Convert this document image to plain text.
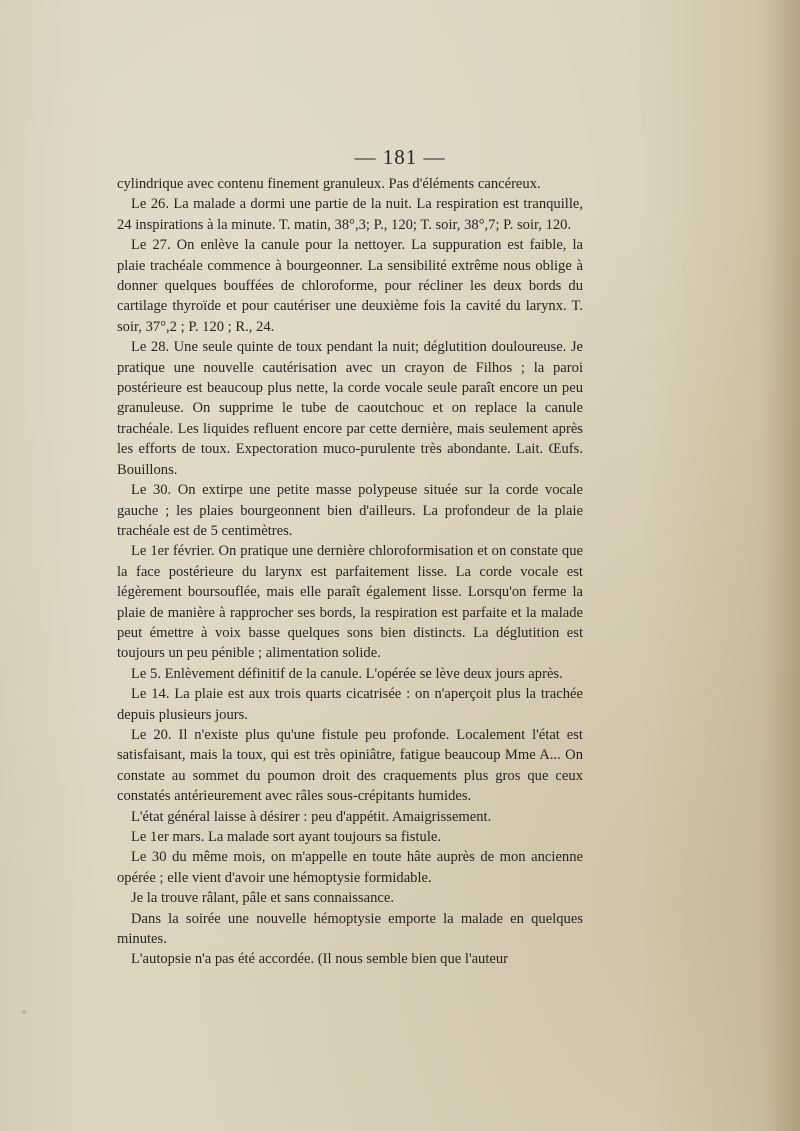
— 181 —

cylindrique avec contenu finement granuleux. Pas d'éléments cancéreux.

Le 26. La malade a dormi une partie de la nuit. La respiration est tranquille, 24 inspirations à la minute. T. matin, 38°,3; P., 120; T. soir, 38°,7; P. soir, 120.

Le 27. On enlève la canule pour la nettoyer. La suppuration est faible, la plaie trachéale commence à bourgeonner. La sensibilité extrême nous oblige à donner quelques bouffées de chloroforme, pour récliner les deux bords du cartilage thyroïde et pour cautériser une deuxième fois la cavité du larynx. T. soir, 37°,2 ; P. 120 ; R., 24.

Le 28. Une seule quinte de toux pendant la nuit; déglutition douloureuse. Je pratique une nouvelle cautérisation avec un crayon de Filhos ; la paroi postérieure est beaucoup plus nette, la corde vocale seule paraît encore un peu granuleuse. On supprime le tube de caoutchouc et on replace la canule trachéale. Les liquides refluent encore par cette dernière, mais seulement après les efforts de toux. Expectoration muco-purulente très abondante. Lait. Œufs. Bouillons.

Le 30. On extirpe une petite masse polypeuse située sur la corde vocale gauche ; les plaies bourgeonnent bien d'ailleurs. La profondeur de la plaie trachéale est de 5 centimètres.

Le 1er février. On pratique une dernière chloroformisation et on constate que la face postérieure du larynx est parfaitement lisse. La corde vocale est légèrement boursouflée, mais elle paraît également lisse. Lorsqu'on ferme la plaie de manière à rapprocher ses bords, la respiration est parfaite et la malade peut émettre à voix basse quelques sons bien distincts. La déglutition est toujours un peu pénible ; alimentation solide.

Le 5. Enlèvement définitif de la canule. L'opérée se lève deux jours après.

Le 14. La plaie est aux trois quarts cicatrisée : on n'aperçoit plus la trachée depuis plusieurs jours.

Le 20. Il n'existe plus qu'une fistule peu profonde. Localement l'état est satisfaisant, mais la toux, qui est très opiniâtre, fatigue beaucoup Mme A... On constate au sommet du poumon droit des craquements plus gros que ceux constatés antérieurement avec râles sous-crépitants humides.

L'état général laisse à désirer : peu d'appétit. Amaigrissement.

Le 1er mars. La malade sort ayant toujours sa fistule.

Le 30 du même mois, on m'appelle en toute hâte auprès de mon ancienne opérée ; elle vient d'avoir une hémoptysie formidable.

Je la trouve râlant, pâle et sans connaissance.

Dans la soirée une nouvelle hémoptysie emporte la malade en quelques minutes.

L'autopsie n'a pas été accordée. (Il nous semble bien que l'auteur
